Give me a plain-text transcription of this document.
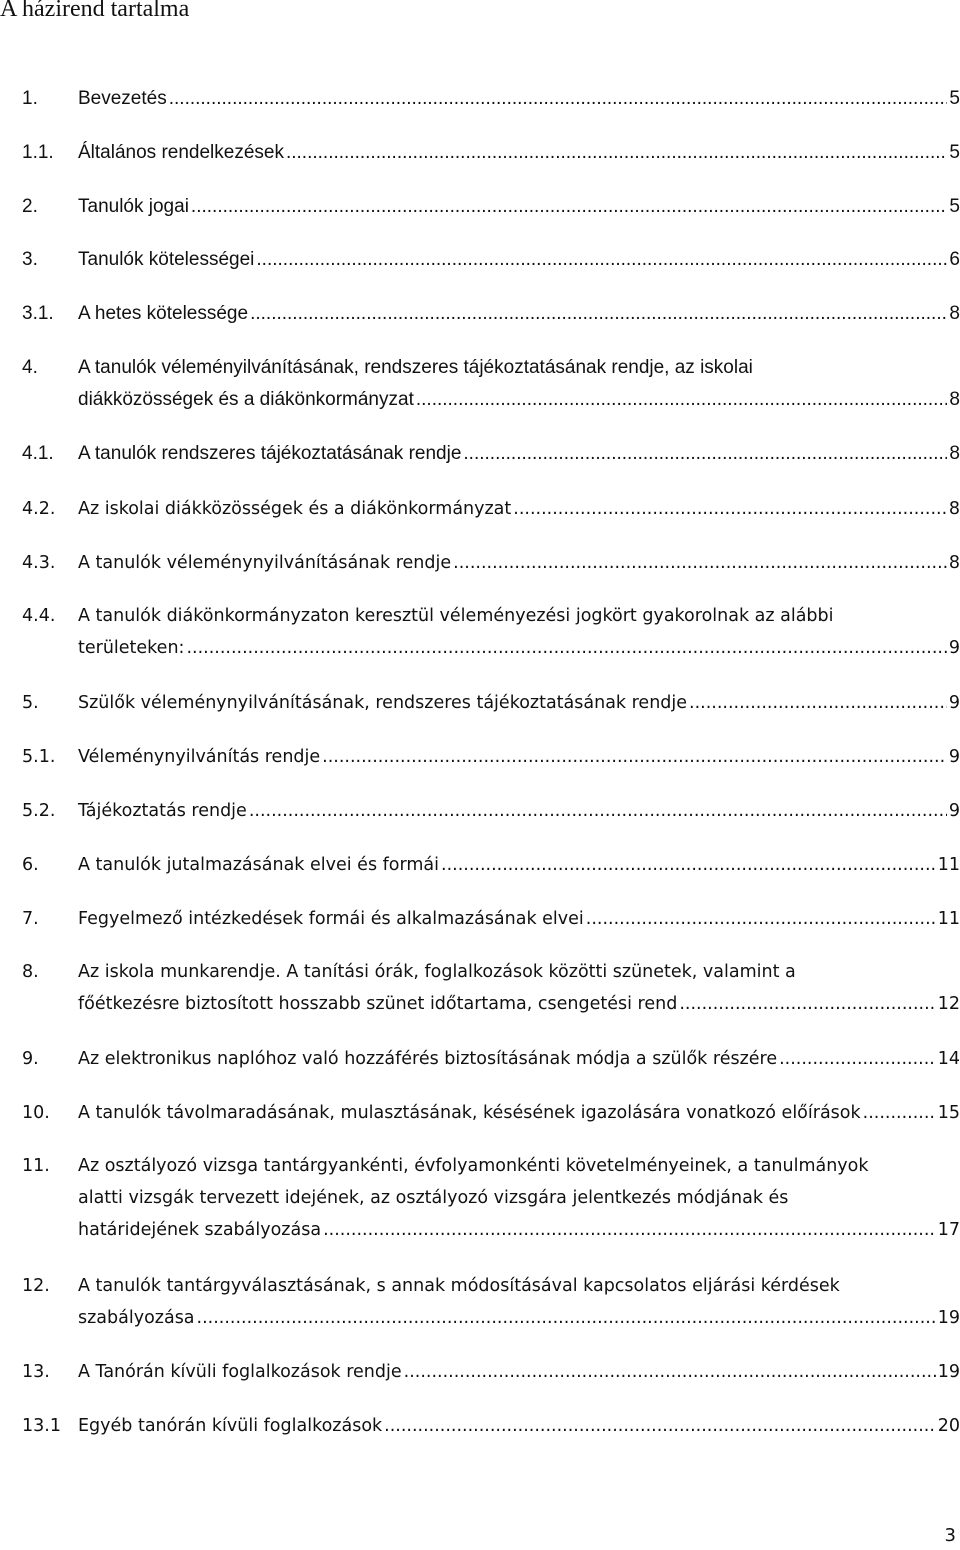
A házirend tartalma
1. Bevezetés .....	5
1.1. Általános rendelkezések .....	5
2. Tanulók jogai .....	5
3. Tanulók kötelességei .....	6
3.1. A hetes kötelessége .....	8
4. A tanulók véleményilvánításának, rendszeres tájékoztatásának rendje, az iskolai
diákközösségek és a diákönkormányzat .....	8
4.1. A tanulók rendszeres tájékoztatásának rendje .....	8
4.2. Az iskolai diákközösségek és a diákönkormányzat .....	8
4.3. A tanulók véleménynyilvánításának rendje .....	8
4.4. A tanulók diákönkormányzaton keresztül véleményezési jogkört gyakorolnak az alábbi
területeken: .....	9
5. Szülők véleménynyilvánításának, rendszeres tájékoztatásának rendje .....	9
5.1. Véleménynyilvánítás rendje .....	9
5.2. Tájékoztatás rendje .....	9
6. A tanulók jutalmazásának elvei és formái .....	11
7. Fegyelmező intézkedések formái és alkalmazásának elvei .....	11
8. Az iskola munkarendje. A tanítási órák, foglalkozások közötti szünetek, valamint a
főétkezésre biztosított hosszabb szünet időtartama, csengetési rend .....	12
9. Az elektronikus naplóhoz való hozzáférés biztosításának módja a szülők részére .....	14
10. A tanulók távolmaradásának, mulasztásának, késésének igazolására vonatkozó előírások .....	15
11. Az osztályozó vizsga tantárgyankénti, évfolyamonkénti követelményeinek, a tanulmányok
alatti vizsgák tervezett idejének, az osztályozó vizsgára jelentkezés módjának és
határidejének szabályozása .....	17
12. A tanulók tantárgyválasztásának, s annak módosításával kapcsolatos eljárási kérdések
szabályozása .....	19
13. A Tanórán kívüli foglalkozások rendje .....	19
13.1 Egyéb tanórán kívüli foglalkozások .....	20
3
